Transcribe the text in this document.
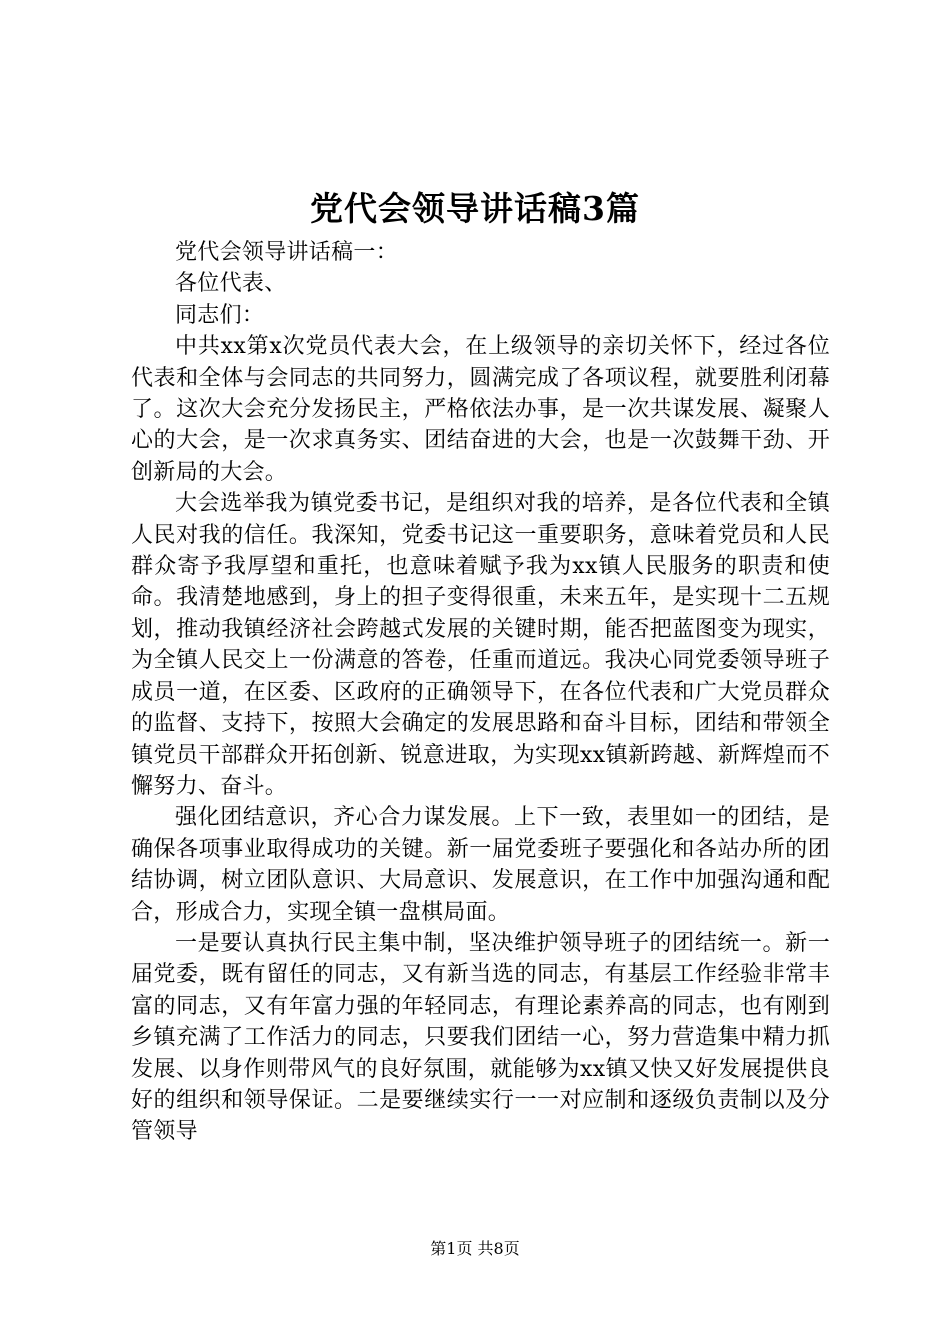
党代会领导讲话稿3篇

党代会领导讲话稿一：

各位代表、

同志们：

中共xx第x次党员代表大会，在上级领导的亲切关怀下，经过各位代表和全体与会同志的共同努力，圆满完成了各项议程，就要胜利闭幕了。这次大会充分发扬民主，严格依法办事，是一次共谋发展、凝聚人心的大会，是一次求真务实、团结奋进的大会，也是一次鼓舞干劲、开创新局的大会。

大会选举我为镇党委书记，是组织对我的培养，是各位代表和全镇人民对我的信任。我深知，党委书记这一重要职务，意味着党员和人民群众寄予我厚望和重托，也意味着赋予我为xx镇人民服务的职责和使命。我清楚地感到，身上的担子变得很重，未来五年，是实现十二五规划，推动我镇经济社会跨越式发展的关键时期，能否把蓝图变为现实，为全镇人民交上一份满意的答卷，任重而道远。我决心同党委领导班子成员一道，在区委、区政府的正确领导下，在各位代表和广大党员群众的监督、支持下，按照大会确定的发展思路和奋斗目标，团结和带领全镇党员干部群众开拓创新、锐意进取，为实现xx镇新跨越、新辉煌而不懈努力、奋斗。

强化团结意识，齐心合力谋发展。上下一致，表里如一的团结，是确保各项事业取得成功的关键。新一届党委班子要强化和各站办所的团结协调，树立团队意识、大局意识、发展意识，在工作中加强沟通和配合，形成合力，实现全镇一盘棋局面。

一是要认真执行民主集中制，坚决维护领导班子的团结统一。新一届党委，既有留任的同志，又有新当选的同志，有基层工作经验非常丰富的同志，又有年富力强的年轻同志，有理论素养高的同志，也有刚到乡镇充满了工作活力的同志，只要我们团结一心，努力营造集中精力抓发展、以身作则带风气的良好氛围，就能够为xx镇又快又好发展提供良好的组织和领导保证。二是要继续实行一一对应制和逐级负责制以及分管领导

第1页 共8页
